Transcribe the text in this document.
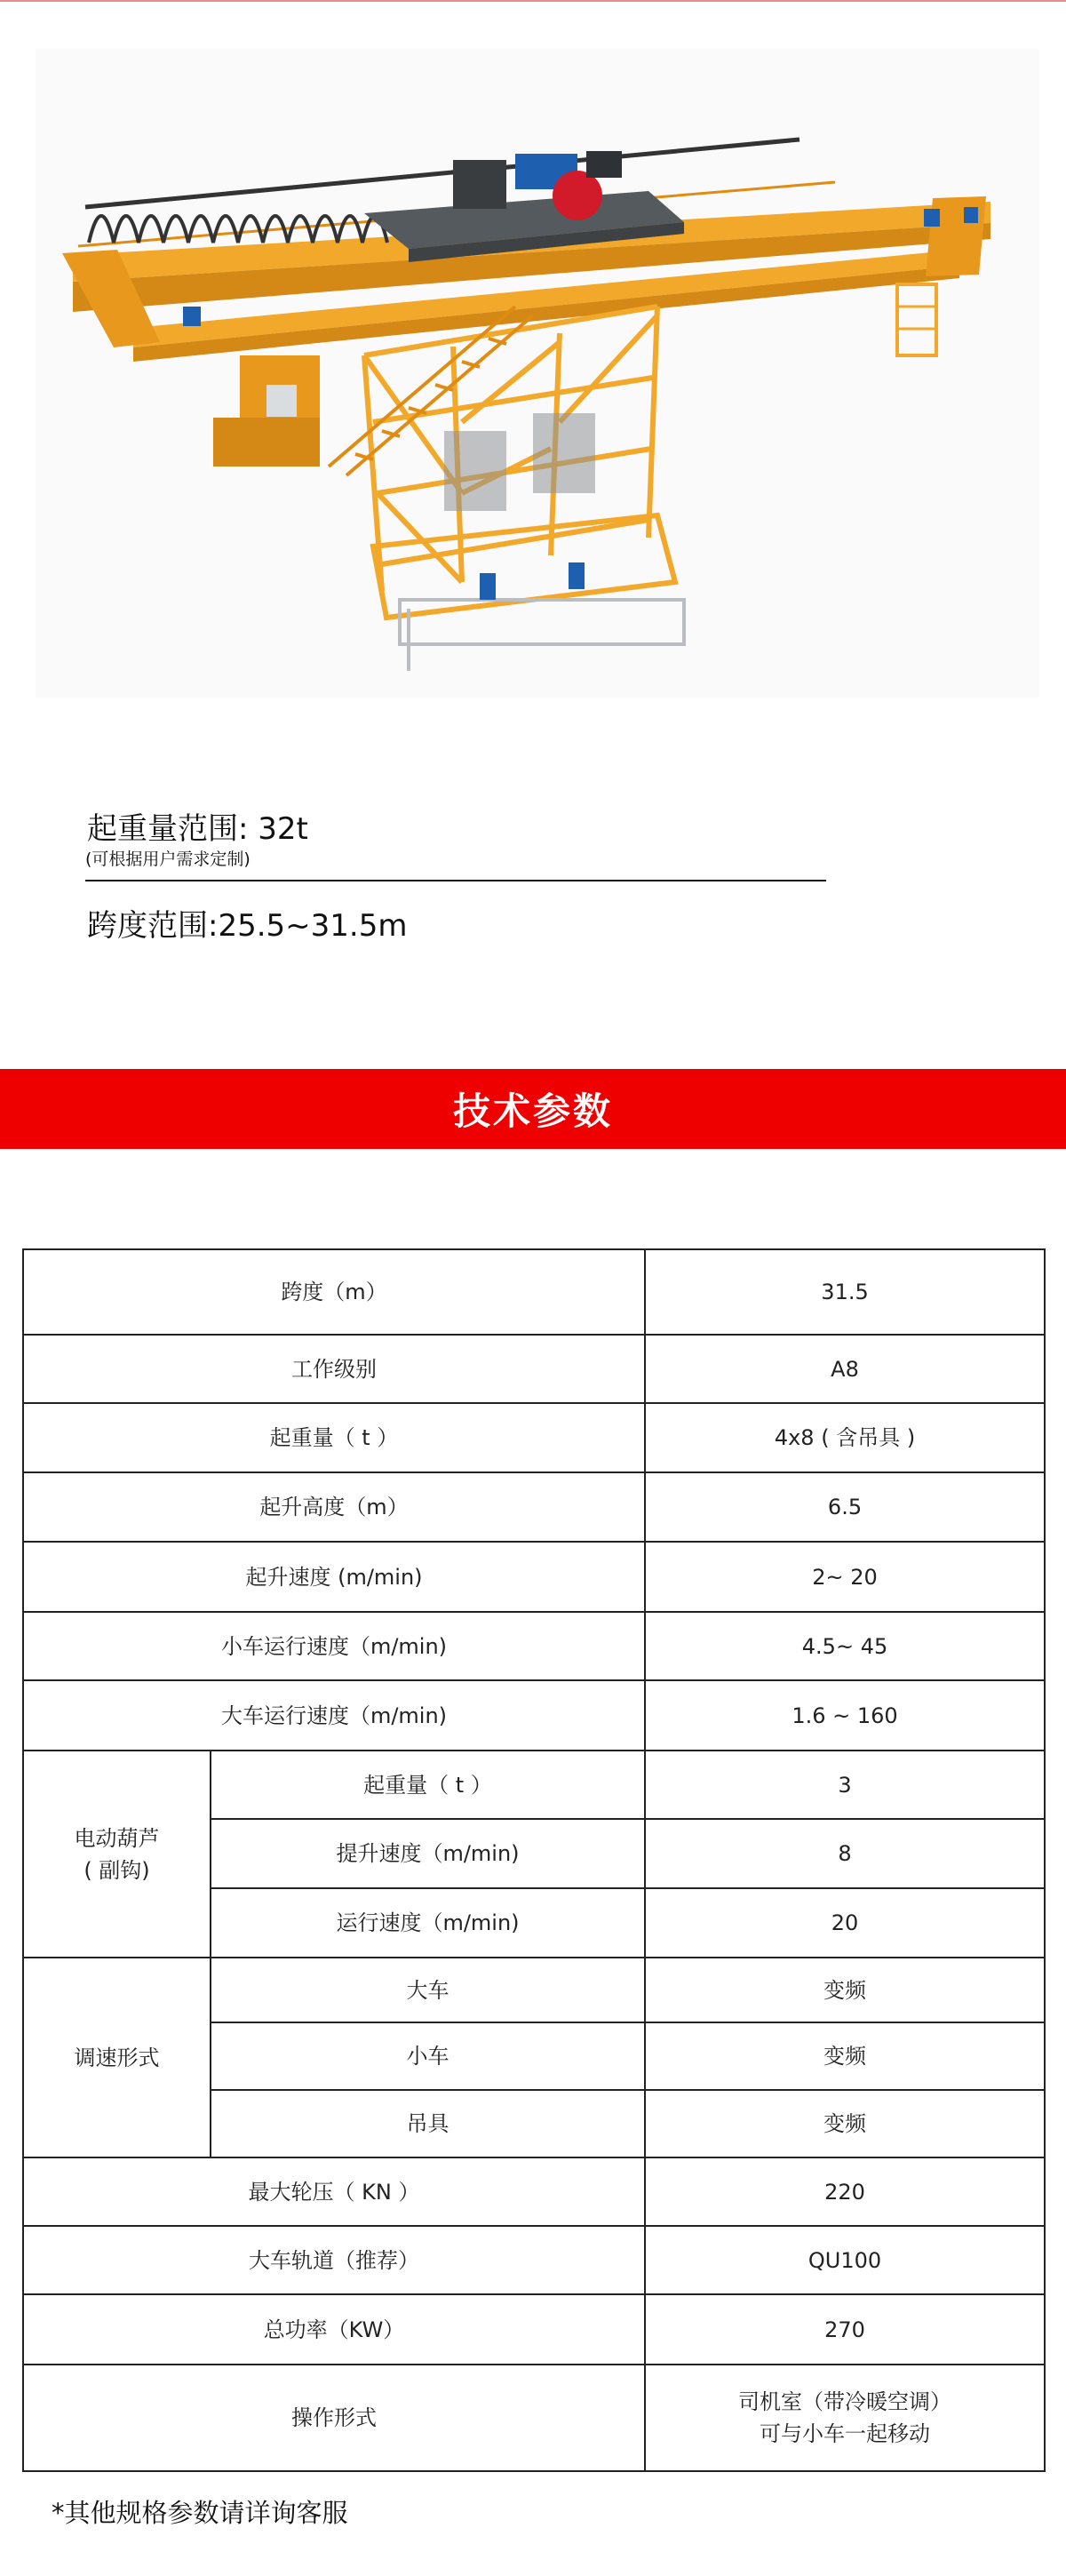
起重量范围: 32t
(可根据用户需求定制)
跨度范围:25.5~31.5m
技术参数
跨度（m）		31.5
工作级别		A8
起重量（ t ）		4x8 ( 含吊具 )
起升高度（m）		6.5
起升速度 (m/min)		2~ 20
小车运行速度（m/min)		4.5~ 45
大车运行速度（m/min)		1.6 ~ 160

电动葫芦
( 副钩)	起重量（ t ）	3
	提升速度（m/min)	8
	运行速度（m/min)	20
调速形式	大车	变频
	小车	变频
	吊具	变频
最大轮压（ KN ）		220
大车轨道（推荐）		QU100
总功率（KW）		270
操作形式		司机室（带冷暖空调）
可与小车一起移动
*其他规格参数请详询客服
